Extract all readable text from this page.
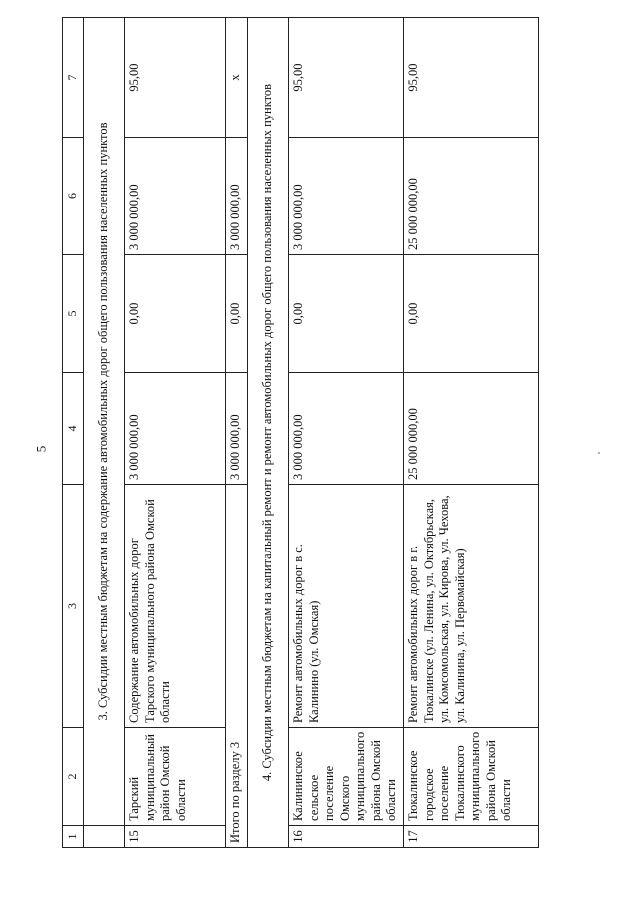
5
1	2	3	4	5	6	7
	3. Субсидии местным бюджетам на содержание автомобильных дорог общего пользования населенных пунктов					
15	Тарский муниципальный район Омской области	Содержание автомобильных дорог Тарского муниципального района Омской области	3 000 000,00	0,00	3 000 000,00	95,00
Итого по разделу 3			3 000 000,00	0,00	3 000 000,00	x
4. Субсидии местным бюджетам на капитальный ремонт и ремонт автомобильных дорог общего пользования населенных пунктов						
16	Калининское сельское поселение Омского муниципального района Омской области	Ремонт автомобильных дорог в с. Калинино (ул. Омская)	3 000 000,00	0,00	3 000 000,00	95,00
17	Тюкалинское городское поселение Тюкалинского муниципального района Омской области	Ремонт автомобильных дорог в г. Тюкалинске (ул. Ленина, ул. Октябрьская, ул. Комсомольская, ул. Кирова, ул. Чехова, ул. Калинина, ул. Первомайская)	25 000 000,00	0,00	25 000 000,00	95,00
